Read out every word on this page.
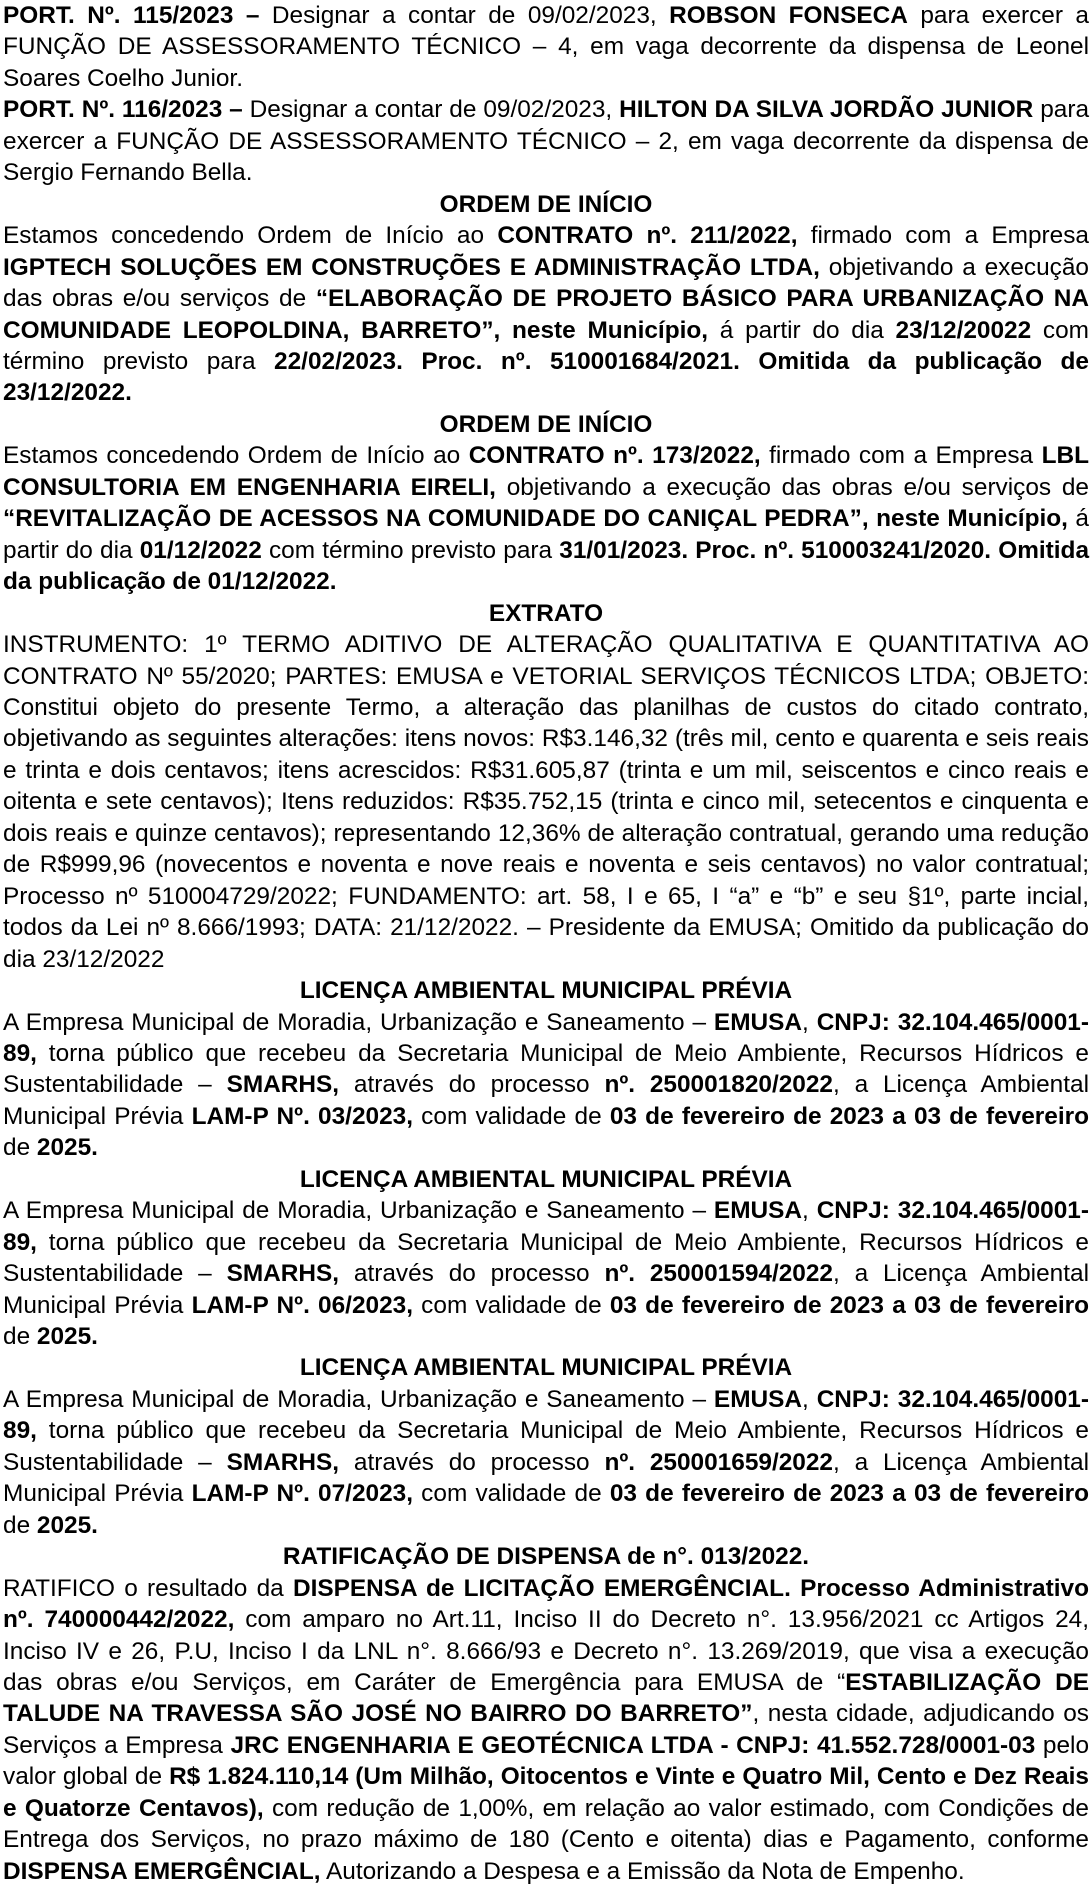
PORT. Nº. 115/2023 – Designar a contar de 09/02/2023, ROBSON FONSECA para exercer a FUNÇÃO DE ASSESSORAMENTO TÉCNICO – 4, em vaga decorrente da dispensa de Leonel Soares Coelho Junior.

PORT. Nº. 116/2023 – Designar a contar de 09/02/2023, HILTON DA SILVA JORDÃO JUNIOR para exercer a FUNÇÃO DE ASSESSORAMENTO TÉCNICO – 2, em vaga decorrente da dispensa de Sergio Fernando Bella.

ORDEM DE INÍCIO

Estamos concedendo Ordem de Início ao CONTRATO nº. 211/2022, firmado com a Empresa IGPTECH SOLUÇÕES EM CONSTRUÇÕES E ADMINISTRAÇÃO LTDA, objetivando a execução das obras e/ou serviços de “ELABORAÇÃO DE PROJETO BÁSICO PARA URBANIZAÇÃO NA COMUNIDADE LEOPOLDINA, BARRETO”, neste Município, á partir do dia 23/12/20022 com término previsto para 22/02/2023. Proc. nº. 510001684/2021. Omitida da publicação de 23/12/2022.

ORDEM DE INÍCIO

Estamos concedendo Ordem de Início ao CONTRATO nº. 173/2022, firmado com a Empresa LBL CONSULTORIA EM ENGENHARIA EIRELI, objetivando a execução das obras e/ou serviços de “REVITALIZAÇÃO DE ACESSOS NA COMUNIDADE DO CANIÇAL PEDRA”, neste Município, á partir do dia 01/12/2022 com término previsto para 31/01/2023. Proc. nº. 510003241/2020. Omitida da publicação de 01/12/2022.

EXTRATO

INSTRUMENTO: 1º TERMO ADITIVO DE ALTERAÇÃO QUALITATIVA E QUANTITATIVA AO CONTRATO Nº 55/2020; PARTES: EMUSA e VETORIAL SERVIÇOS TÉCNICOS LTDA; OBJETO: Constitui objeto do presente Termo, a alteração das planilhas de custos do citado contrato, objetivando as seguintes alterações: itens novos: R$3.146,32 (três mil, cento e quarenta e seis reais e trinta e dois centavos; itens acrescidos: R$31.605,87 (trinta e um mil, seiscentos e cinco reais e oitenta e sete centavos); Itens reduzidos: R$35.752,15 (trinta e cinco mil, setecentos e cinquenta e dois reais e quinze centavos); representando 12,36% de alteração contratual, gerando uma redução de R$999,96 (novecentos e noventa e nove reais e noventa e seis centavos) no valor contratual; Processo nº 510004729/2022; FUNDAMENTO: art. 58, I e 65, I “a” e “b” e seu §1º, parte incial, todos da Lei nº 8.666/1993; DATA: 21/12/2022. – Presidente da EMUSA; Omitido da publicação do dia 23/12/2022

LICENÇA AMBIENTAL MUNICIPAL PRÉVIA

A Empresa Municipal de Moradia, Urbanização e Saneamento – EMUSA, CNPJ: 32.104.465/0001-89, torna público que recebeu da Secretaria Municipal de Meio Ambiente, Recursos Hídricos e Sustentabilidade – SMARHS, através do processo nº. 250001820/2022, a Licença Ambiental Municipal Prévia LAM-P Nº. 03/2023, com validade de 03 de fevereiro de 2023 a 03 de fevereiro de 2025.

LICENÇA AMBIENTAL MUNICIPAL PRÉVIA

A Empresa Municipal de Moradia, Urbanização e Saneamento – EMUSA, CNPJ: 32.104.465/0001-89, torna público que recebeu da Secretaria Municipal de Meio Ambiente, Recursos Hídricos e Sustentabilidade – SMARHS, através do processo nº. 250001594/2022, a Licença Ambiental Municipal Prévia LAM-P Nº. 06/2023, com validade de 03 de fevereiro de 2023 a 03 de fevereiro de 2025.

LICENÇA AMBIENTAL MUNICIPAL PRÉVIA

A Empresa Municipal de Moradia, Urbanização e Saneamento – EMUSA, CNPJ: 32.104.465/0001-89, torna público que recebeu da Secretaria Municipal de Meio Ambiente, Recursos Hídricos e Sustentabilidade – SMARHS, através do processo nº. 250001659/2022, a Licença Ambiental Municipal Prévia LAM-P Nº. 07/2023, com validade de 03 de fevereiro de 2023 a 03 de fevereiro de 2025.

RATIFICAÇÃO DE DISPENSA de n°. 013/2022.

RATIFICO o resultado da DISPENSA de LICITAÇÃO EMERGÊNCIAL. Processo Administrativo nº. 740000442/2022, com amparo no Art.11, Inciso II do Decreto n°. 13.956/2021 cc Artigos 24, Inciso IV e 26, P.U, Inciso I da LNL n°. 8.666/93 e Decreto n°. 13.269/2019, que visa a execução das obras e/ou Serviços, em Caráter de Emergência para EMUSA de “ESTABILIZAÇÃO DE TALUDE NA TRAVESSA SÃO JOSÉ NO BAIRRO DO BARRETO”, nesta cidade, adjudicando os Serviços a Empresa JRC ENGENHARIA E GEOTÉCNICA LTDA - CNPJ: 41.552.728/0001-03 pelo valor global de R$ 1.824.110,14 (Um Milhão, Oitocentos e Vinte e Quatro Mil, Cento e Dez Reais e Quatorze Centavos), com redução de 1,00%, em relação ao valor estimado, com Condições de Entrega dos Serviços, no prazo máximo de 180 (Cento e oitenta) dias e Pagamento, conforme DISPENSA EMERGÊNCIAL, Autorizando a Despesa e a Emissão da Nota de Empenho.
